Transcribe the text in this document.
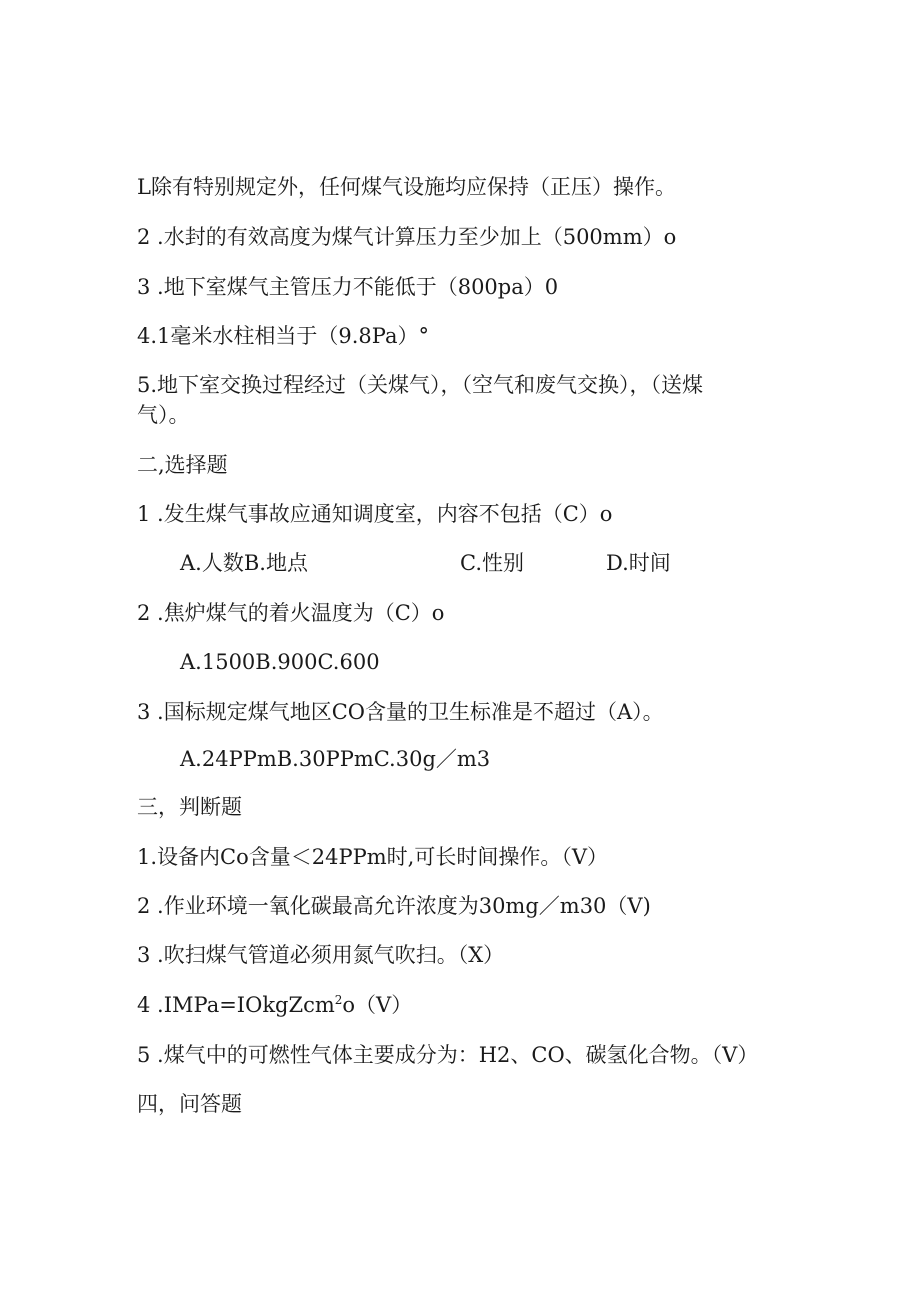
L除有特别规定外，任何煤气设施均应保持（正压）操作。
2 .水封的有效高度为煤气计算压力至少加上（500mm）o
3 .地下室煤气主管压力不能低于（800pa）0
4.1毫米水柱相当于（9.8Pa）°
5.地下室交换过程经过（关煤气），（空气和废气交换），（送煤
气）。
二,选择题
1 .发生煤气事故应通知调度室，内容不包括（C）o
A.人数B.地点	C.性别	D.时间
2 .焦炉煤气的着火温度为（C）o
A.1500B.900C.600
3 .国标规定煤气地区CO含量的卫生标准是不超过（A）。
A.24PPmB.30PPmC.30g／m3
三，判断题
1.设备内Co含量＜24PPm时,可长时间操作。（V）
2 .作业环境一氧化碳最高允许浓度为30mg／m30（V)
3 .吹扫煤气管道必须用氮气吹扫。（X）
4 .IMPa=IOkgZcm$^2$o（V）
5 .煤气中的可燃性气体主要成分为：H2、CO、碳氢化合物。（V）
四，问答题
